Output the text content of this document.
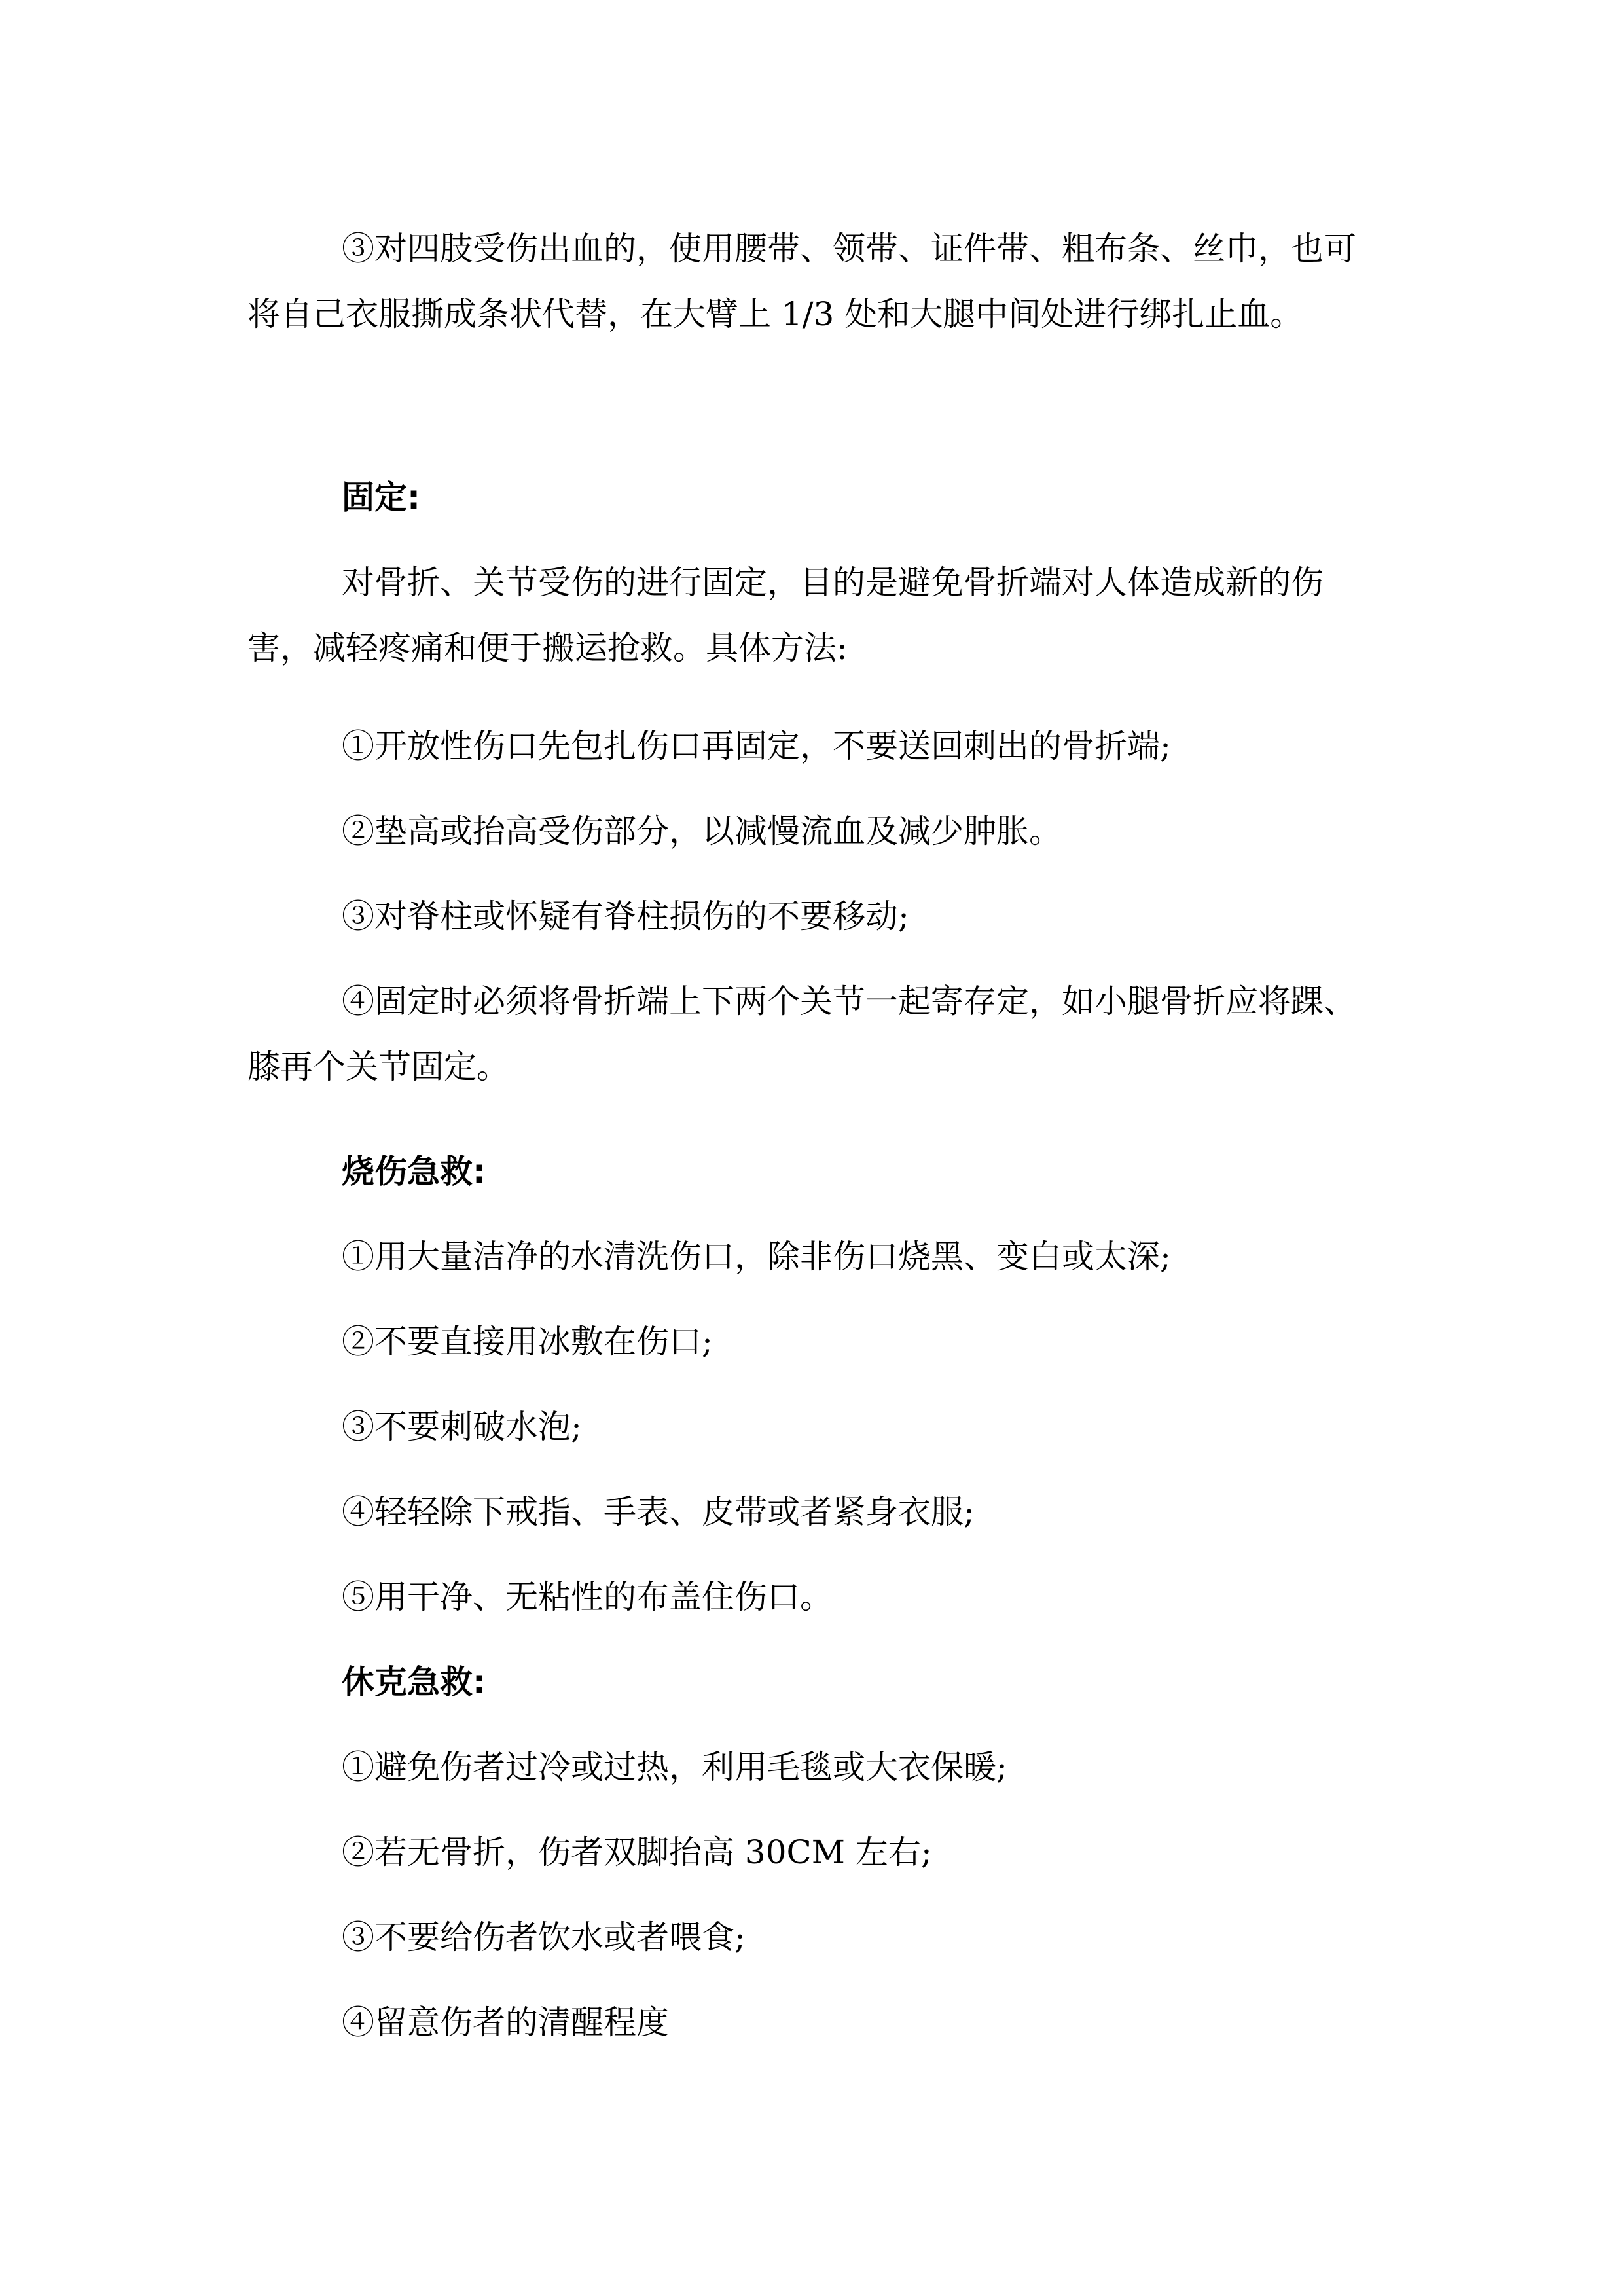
③对四肢受伤出血的，使用腰带、领带、证件带、粗布条、丝巾，也可将自己衣服撕成条状代替，在大臂上 1/3 处和大腿中间处进行绑扎止血。

固定:

对骨折、关节受伤的进行固定，目的是避免骨折端对人体造成新的伤害，减轻疼痛和便于搬运抢救。具体方法:

①开放性伤口先包扎伤口再固定，不要送回刺出的骨折端;

②垫高或抬高受伤部分，以减慢流血及减少肿胀。

③对脊柱或怀疑有脊柱损伤的不要移动;

④固定时必须将骨折端上下两个关节一起寄存定，如小腿骨折应将踝、膝再个关节固定。

烧伤急救:

①用大量洁净的水清洗伤口，除非伤口烧黑、变白或太深;

②不要直接用冰敷在伤口;

③不要刺破水泡;

④轻轻除下戒指、手表、皮带或者紧身衣服;

⑤用干净、无粘性的布盖住伤口。

休克急救:

①避免伤者过冷或过热，利用毛毯或大衣保暖;

②若无骨折，伤者双脚抬高 30CM 左右;

③不要给伤者饮水或者喂食;

④留意伤者的清醒程度
